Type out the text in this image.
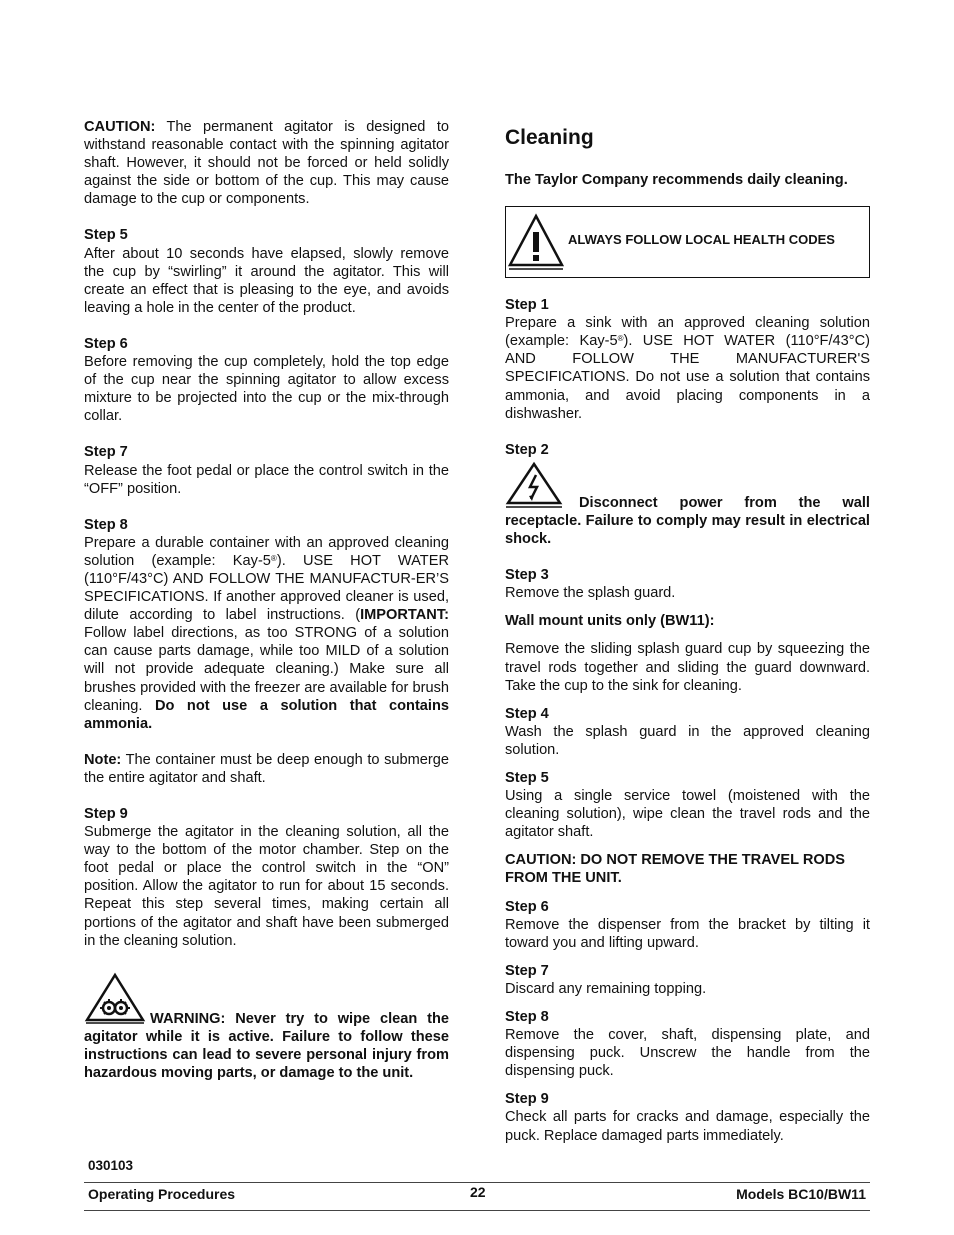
CAUTION: The permanent agitator is designed to withstand reasonable contact with the spinning agitator shaft. However, it should not be forced or held solidly against the side or bottom of the cup. This may cause damage to the cup or components.

Step 5

After about 10 seconds have elapsed, slowly remove the cup by “swirling” it around the agitator. This will create an effect that is pleasing to the eye, and avoids leaving a hole in the center of the product.

Step 6

Before removing the cup completely, hold the top edge of the cup near the spinning agitator to allow excess mixture to be projected into the cup or the mix-through collar.

Step 7

Release the foot pedal or place the control switch in the “OFF” position.

Step 8

Prepare a durable container with an approved cleaning solution (example: Kay-5®). USE HOT WATER (110°F/43°C) AND FOLLOW THE MANUFACTUR-ER’S SPECIFICATIONS. If another approved cleaner is used, dilute according to label instructions. (IMPORTANT: Follow label directions, as too STRONG of a solution can cause parts damage, while too MILD of a solution will not provide adequate cleaning.) Make sure all brushes provided with the freezer are available for brush cleaning. Do not use a solution that contains ammonia.

Note: The container must be deep enough to submerge the entire agitator and shaft.

Step 9

Submerge the agitator in the cleaning solution, all the way to the bottom of the motor chamber. Step on the foot pedal or place the control switch in the “ON” position. Allow the agitator to run for about 15 seconds. Repeat this step several times, making certain all portions of the agitator and shaft have been submerged in the cleaning solution.

WARNING: Never try to wipe clean the agitator while it is active. Failure to follow these instructions can lead to severe personal injury from hazardous moving parts, or damage to the unit.

Cleaning

The Taylor Company recommends daily cleaning.

ALWAYS FOLLOW LOCAL HEALTH CODES

Step 1

Prepare a sink with an approved cleaning solution (example: Kay-5®). USE HOT WATER (110°F/43°C) AND FOLLOW THE MANUFACTURER'S SPECIFICATIONS. Do not use a solution that contains ammonia, and avoid placing components in a dishwasher.

Step 2

Disconnect power from the wall receptacle. Failure to comply may result in electrical shock.

Step 3

Remove the splash guard.

Wall mount units only (BW11):

Remove the sliding splash guard cup by squeezing the travel rods together and sliding the guard downward. Take the cup to the sink for cleaning.

Step 4

Wash the splash guard in the approved cleaning solution.

Step 5

Using a single service towel (moistened with the cleaning solution), wipe clean the travel rods and the agitator shaft.

CAUTION: DO NOT REMOVE THE TRAVEL RODS FROM THE UNIT.

Step 6

Remove the dispenser from the bracket by tilting it toward you and lifting upward.

Step 7

Discard any remaining topping.

Step 8

Remove the cover, shaft, dispensing plate, and dispensing puck. Unscrew the handle from the dispensing puck.

Step 9

Check all parts for cracks and damage, especially the puck. Replace damaged parts immediately.

030103
Operating Procedures	22	Models BC10/BW11
